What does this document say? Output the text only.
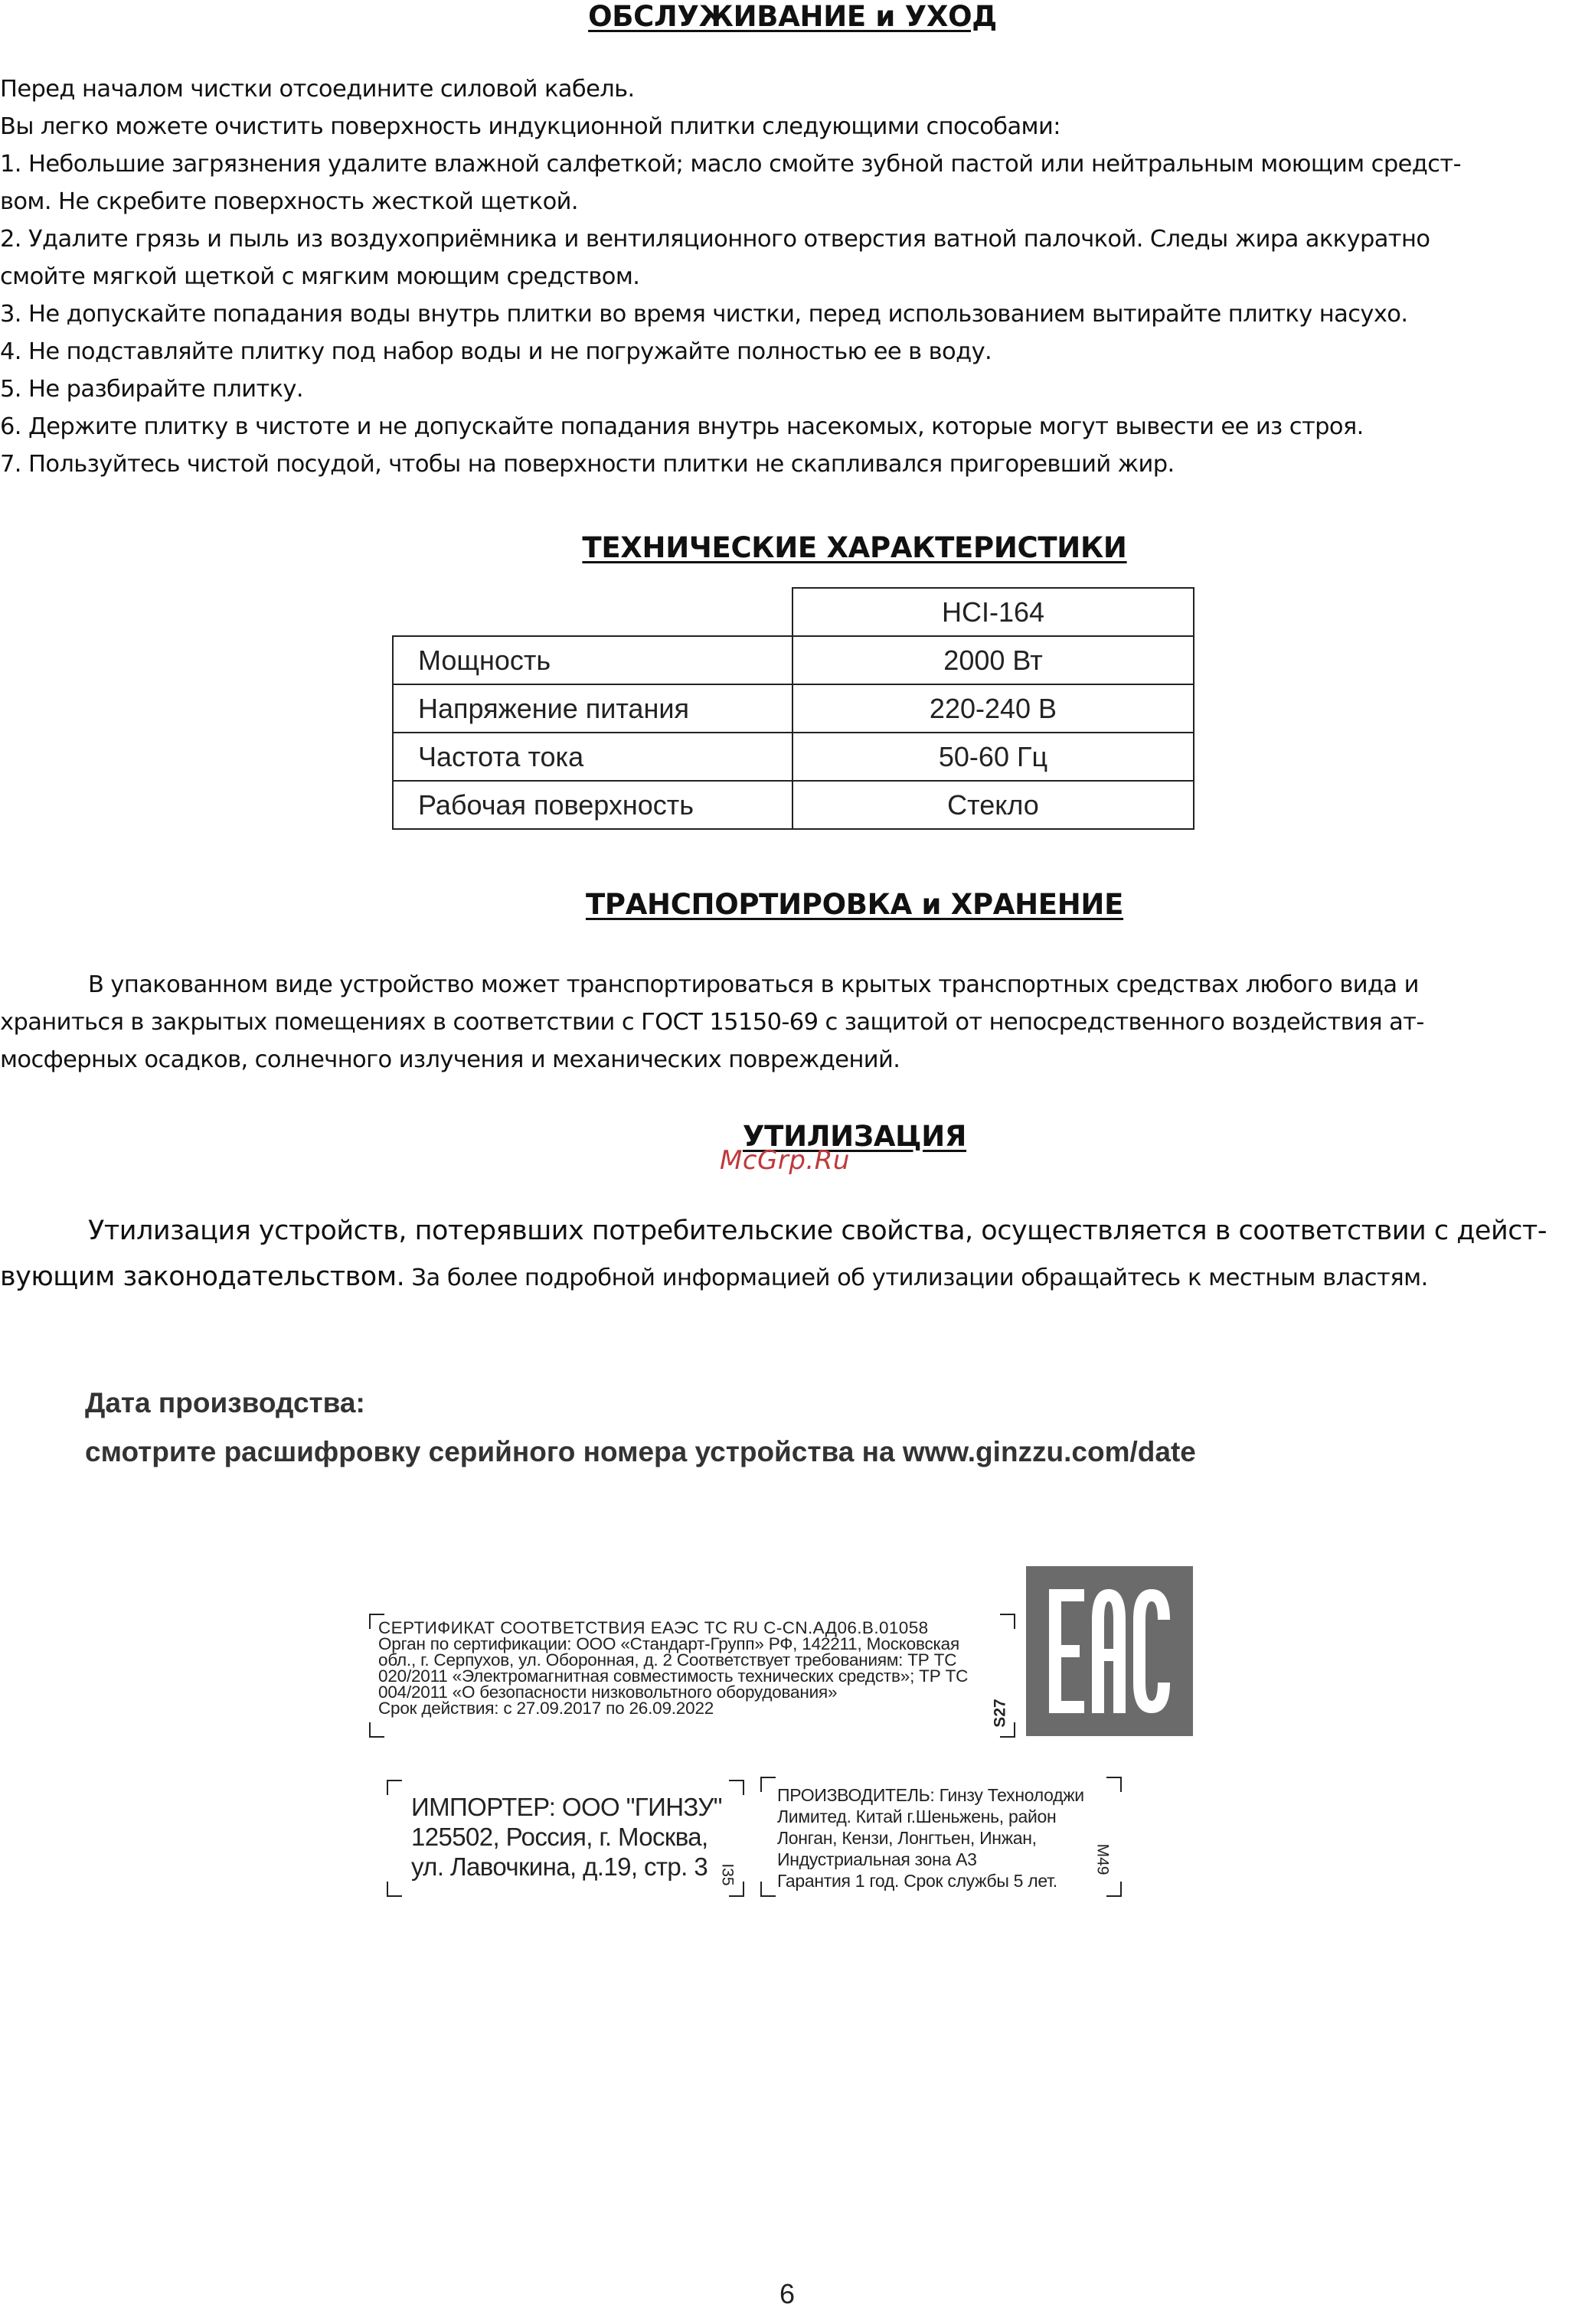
ОБСЛУЖИВАНИЕ и УХОД

Перед началом чистки отсоедините силовой кабель.

Вы легко можете очистить поверхность индукционной плитки следующими способами:

1. Небольшие загрязнения удалите влажной салфеткой; масло смойте зубной пастой или нейтральным моющим средст-

вом. Не скребите поверхность жесткой щеткой.

2. Удалите грязь и пыль из воздухоприёмника и вентиляционного отверстия ватной палочкой. Следы жира аккуратно

смойте мягкой щеткой с мягким моющим средством.

3. Не допускайте попадания воды внутрь плитки во время чистки, перед использованием вытирайте плитку насухо.

4. Не подставляйте плитку под набор воды и не погружайте полностью ее в воду.

5. Не разбирайте плитку.

6. Держите плитку в чистоте и не допускайте попадания внутрь насекомых, которые могут вывести ее из строя.

7. Пользуйтесь чистой посудой, чтобы на поверхности плитки не скапливался пригоревший жир.

ТЕХНИЧЕСКИЕ ХАРАКТЕРИСТИКИ
	HCI-164
Мощность	2000 Вт
Напряжение питания	220-240 В
Частота тока	50-60 Гц
Рабочая поверхность	Стекло
ТРАНСПОРТИРОВКА и ХРАНЕНИЕ

В упакованном виде устройство может транспортироваться в крытых транспортных средствах любого вида и

храниться в закрытых помещениях в соответствии с ГОСТ 15150-69 с защитой от непосредственного воздействия ат-

мосферных осадков, солнечного излучения и механических повреждений.

УТИЛИЗАЦИЯ
McGrp.Ru

Утилизация устройств, потерявших потребительские свойства, осуществляется в соответствии с дейст-

вующим законодательством. За более подробной информацией об утилизации обращайтесь к местным властям.

Дата производства:
смотрите расшифровку серийного номера устройства на www.ginzzu.com/date
СЕРТИФИКАТ СООТВЕТСТВИЯ ЕАЭС ТС RU С-CN.АД06.В.01058
Орган по сертификации: ООО «Стандарт-Групп» РФ, 142211, Московская
обл., г. Серпухов, ул. Оборонная, д. 2 Соответствует требованиям: ТР ТС
020/2011 «Электромагнитная совместимость технических средств»; ТР ТС
004/2011 «О безопасности низковольтного оборудования»
Срок действия: с 27.09.2017 по 26.09.2022	S27
ИМПОРТЕР: ООО "ГИНЗУ"
125502, Россия, г. Москва,
ул. Лавочкина, д.19, стр. 3 I35
ПРОИЗВОДИТЕЛЬ: Гинзу Технолоджи
Лимитед. Китай г.Шеньжень, район
Лонган, Кензи, Лонгтьен, Инжан,
Индустриальная зона А3
Гарантия 1 год. Срок службы 5 лет.
M49
6
